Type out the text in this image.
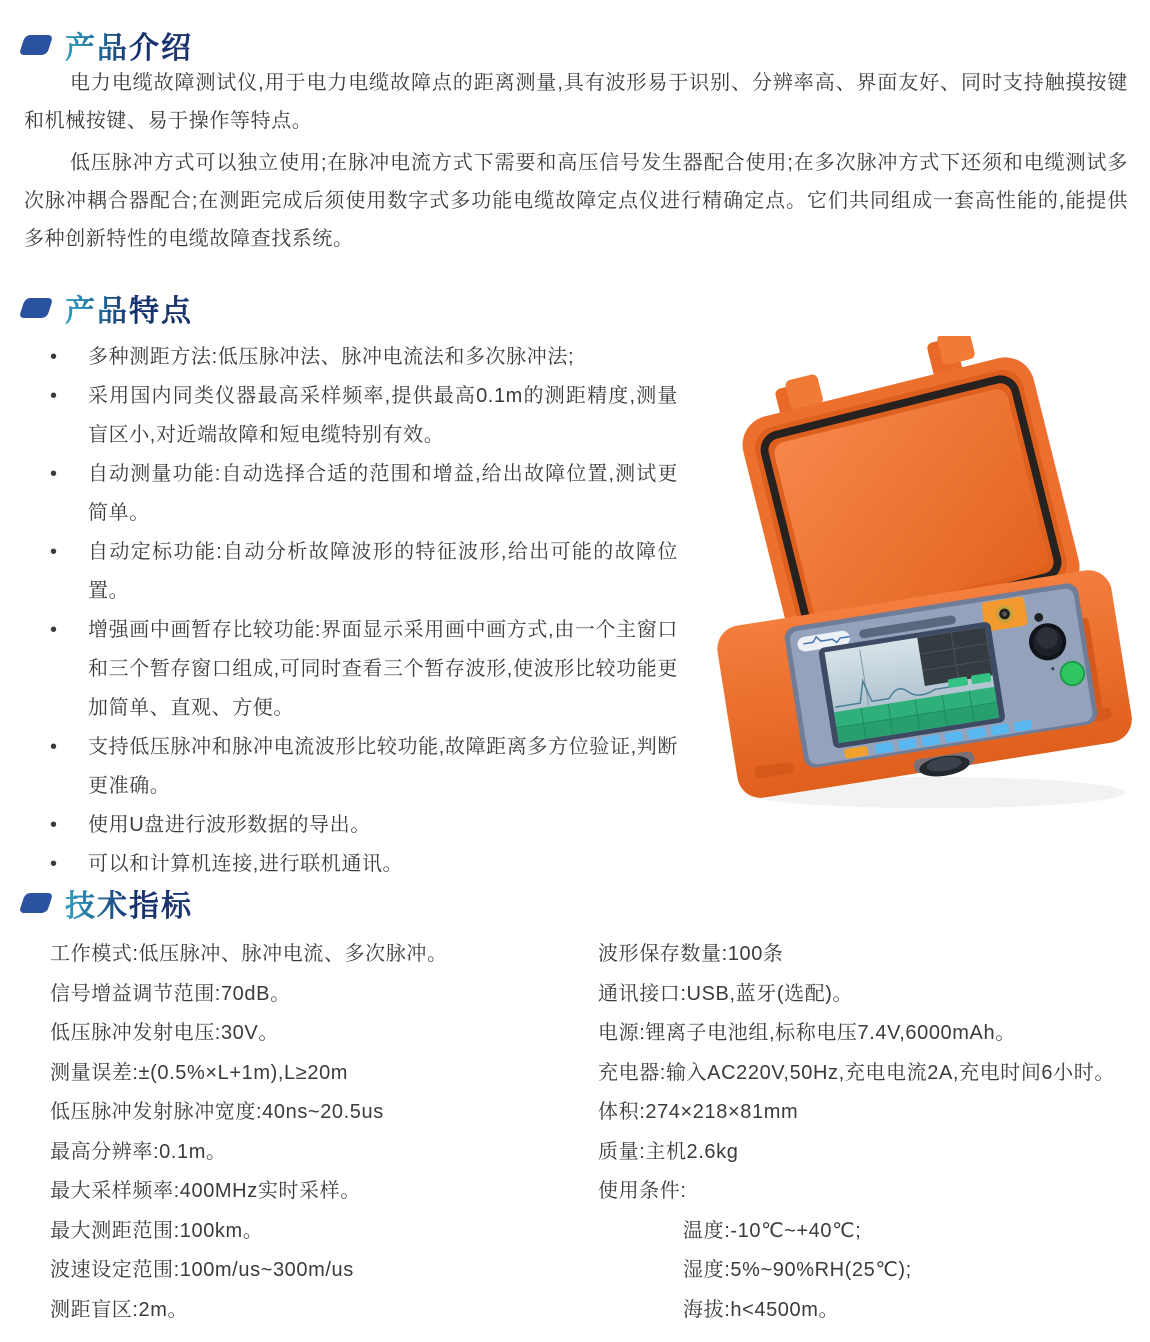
产品介绍

电力电缆故障测试仪,用于电力电缆故障点的距离测量,具有波形易于识别、分辨率高、界面友好、同时支持触摸按键和机械按键、易于操作等特点。

低压脉冲方式可以独立使用;在脉冲电流方式下需要和高压信号发生器配合使用;在多次脉冲方式下还须和电缆测试多次脉冲耦合器配合;在测距完成后须使用数字式多功能电缆故障定点仪进行精确定点。它们共同组成一套高性能的,能提供多种创新特性的电缆故障查找系统。

产品特点
•	多种测距方法:低压脉冲法、脉冲电流法和多次脉冲法;
•	采用国内同类仪器最高采样频率,提供最高0.1m的测距精度,测量盲区小,对近端故障和短电缆特别有效。
•	自动测量功能:自动选择合适的范围和增益,给出故障位置,测试更简单。
•	自动定标功能:自动分析故障波形的特征波形,给出可能的故障位置。
•	增强画中画暂存比较功能:界面显示采用画中画方式,由一个主窗口和三个暂存窗口组成,可同时查看三个暂存波形,使波形比较功能更加简单、直观、方便。
•	支持低压脉冲和脉冲电流波形比较功能,故障距离多方位验证,判断更准确。
•	使用U盘进行波形数据的导出。
•	可以和计算机连接,进行联机通讯。
技术指标

工作模式:低压脉冲、脉冲电流、多次脉冲。

信号增益调节范围:70dB。

低压脉冲发射电压:30V。

测量误差:±(0.5%×L+1m),L≥20m

低压脉冲发射脉冲宽度:40ns~20.5us

最高分辨率:0.1m。

最大采样频率:400MHz实时采样。

最大测距范围:100km。

波速设定范围:100m/us~300m/us

测距盲区:2m。

波形保存数量:100条

通讯接口:USB,蓝牙(选配)。

电源:锂离子电池组,标称电压7.4V,6000mAh。

充电器:输入AC220V,50Hz,充电电流2A,充电时间6小时。

体积:274×218×81mm

质量:主机2.6kg

使用条件:

温度:-10℃~+40℃;

湿度:5%~90%RH(25℃);

海拔:h<4500m。
